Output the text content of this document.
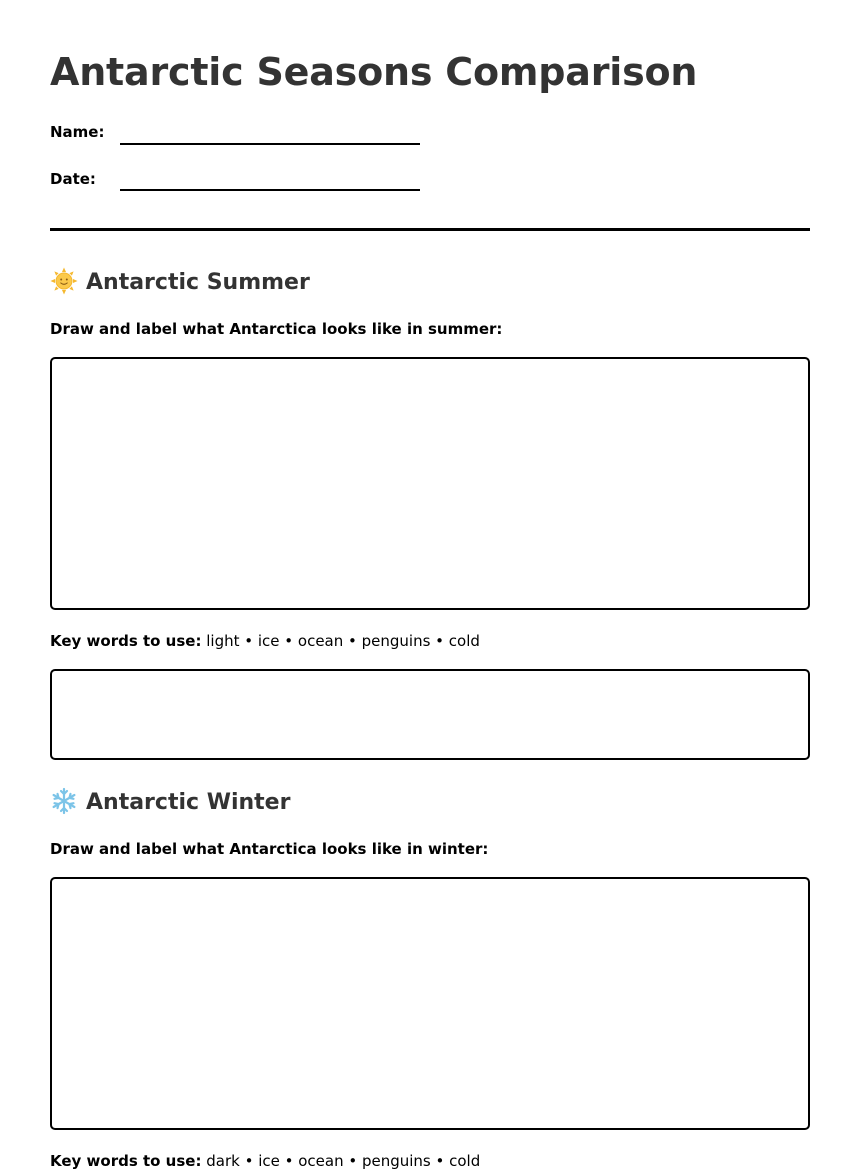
Antarctic Seasons Comparison
Name:
Date:
Antarctic Summer
Draw and label what Antarctica looks like in summer:
Key words to use: light • ice • ocean • penguins • cold
Antarctic Winter
Draw and label what Antarctica looks like in winter:
Key words to use: dark • ice • ocean • penguins • cold
